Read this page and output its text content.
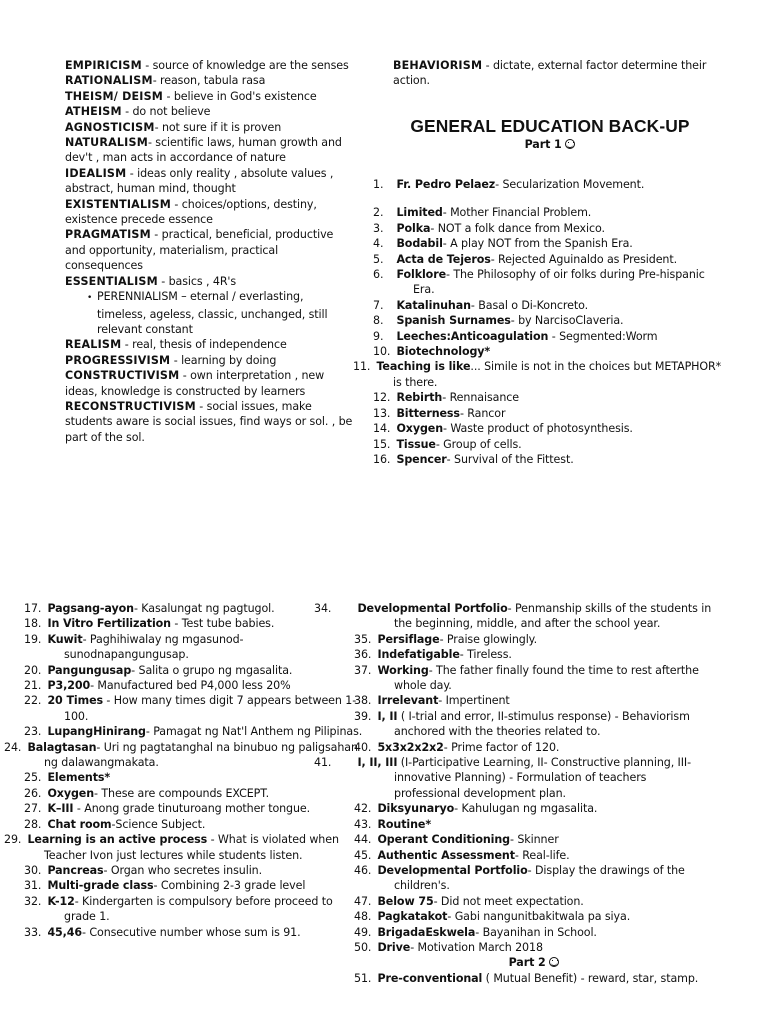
EMPIRICISM - source of knowledge are the senses

RATIONALISM- reason, tabula rasa

THEISM/ DEISM - believe in God's existence

ATHEISM - do not believe

AGNOSTICISM- not sure if it is proven

NATURALISM- scientific laws, human growth and dev't , man acts in accordance of nature

IDEALISM - ideas only reality , absolute values , abstract, human mind, thought

EXISTENTIALISM - choices/options, destiny, existence precede essence

PRAGMATISM - practical, beneficial, productive and opportunity, materialism, practical consequences

ESSENTIALISM - basics , 4R's

• PERENNIALISM – eternal / everlasting, timeless, ageless, classic, unchanged, still relevant constant

REALISM - real, thesis of independence

PROGRESSIVISM - learning by doing

CONSTRUCTIVISM - own interpretation , new ideas, knowledge is constructed by learners

RECONSTRUCTIVISM - social issues, make students aware is social issues, find ways or sol. , be part of the sol.

BEHAVIORISM - dictate, external factor determine their action.

GENERAL EDUCATION BACK-UP
Part 1

1. Fr. Pedro Pelaez- Secularization Movement.

2. Limited- Mother Financial Problem.

3. Polka- NOT a folk dance from Mexico.

4. Bodabil- A play NOT from the Spanish Era.

5. Acta de Tejeros- Rejected Aguinaldo as President.

6. Folklore- The Philosophy of oir folks during Pre-hispanic Era.

7. Katalinuhan- Basal o Di-Koncreto.

8. Spanish Surnames- by NarcisoClaveria.

9. Leeches:Anticoagulation - Segmented:Worm

10. Biotechnology*

11. Teaching is like... Simile is not in the choices but METAPHOR* is there.

12. Rebirth- Rennaisance

13. Bitterness- Rancor

14. Oxygen- Waste product of photosynthesis.

15. Tissue- Group of cells.

16. Spencer- Survival of the Fittest.

17. Pagsang-ayon- Kasalungat ng pagtugol.

18. In Vitro Fertilization - Test tube babies.

19. Kuwit- Paghihiwalay ng mgasunod-sunodnapangungusap.

20. Pangungusap- Salita o grupo ng mgasalita.

21. P3,200- Manufactured bed P4,000 less 20%

22. 20 Times - How many times digit 7 appears between 1-100.

23. LupangHinirang- Pamagat ng Nat'l Anthem ng Pilipinas.

24. Balagtasan- Uri ng pagtatanghal na binubuo ng paligsahan ng dalawangmakata.

25. Elements*

26. Oxygen- These are compounds EXCEPT.

27. K–III - Anong grade tinuturoang mother tongue.

28. Chat room-Science Subject.

29. Learning is an active process - What is violated when Teacher Ivon just lectures while students listen.

30. Pancreas- Organ who secretes insulin.

31. Multi-grade class- Combining 2-3 grade level

32. K-12- Kindergarten is compulsory before proceed to grade 1.

33. 45,46- Consecutive number whose sum is 91.

34. Developmental Portfolio- Penmanship skills of the students in the beginning, middle, and after the school year.

35. Persiflage- Praise glowingly.

36. Indefatigable- Tireless.

37. Working- The father finally found the time to rest afterthe whole day.

38. Irrelevant- Impertinent

39. I, II ( I-trial and error, II-stimulus response) - Behaviorism anchored with the theories related to.

40. 5x3x2x2x2- Prime factor of 120.

41. I, II, III (I-Participative Learning, II- Constructive planning, III- innovative Planning) - Formulation of teachers professional development plan.

42. Diksyunaryo- Kahulugan ng mgasalita.

43. Routine*

44. Operant Conditioning- Skinner

45. Authentic Assessment- Real-life.

46. Developmental Portfolio- Display the drawings of the children's.

47. Below 75- Did not meet expectation.

48. Pagkatakot- Gabi nangunitbakitwala pa siya.

49. BrigadaEskwela- Bayanihan in School.

50. Drive- Motivation March 2018

Part 2

51. Pre-conventional ( Mutual Benefit) - reward, star, stamp.
